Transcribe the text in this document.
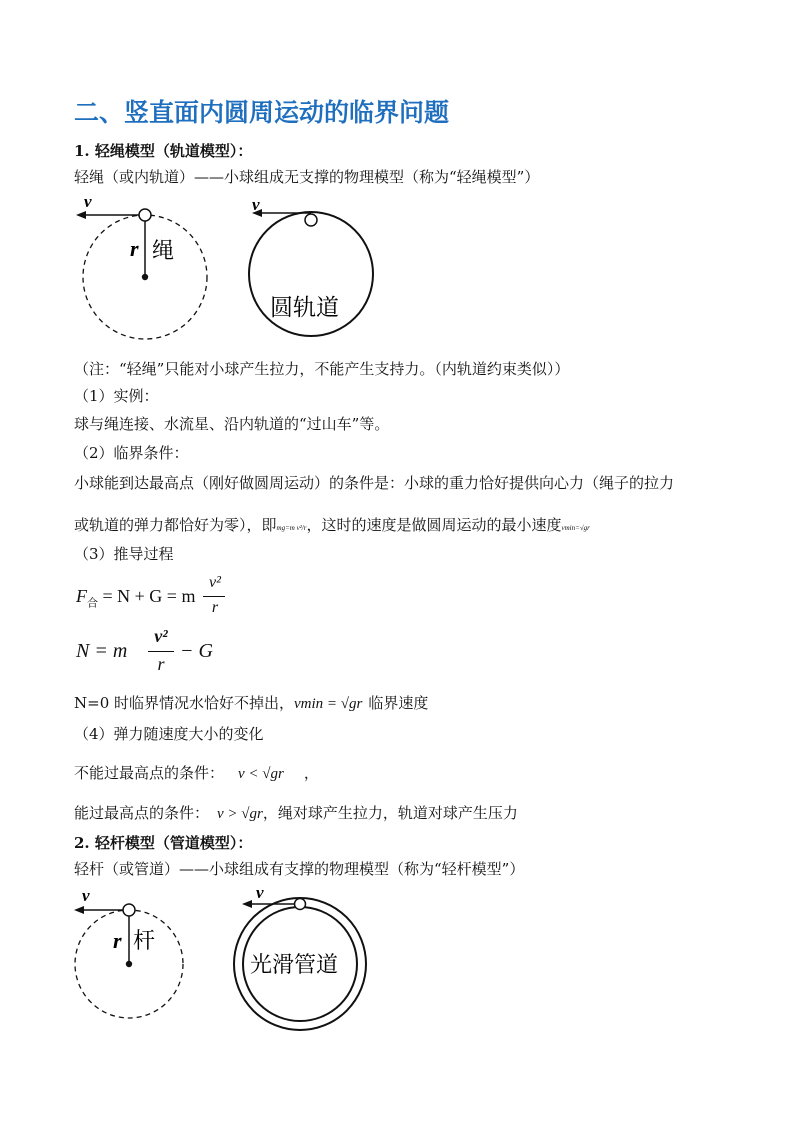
二、竖直面内圆周运动的临界问题
1. 轻绳模型（轨道模型）：
轻绳（或内轨道）——小球组成无支撑的物理模型（称为“轻绳模型”）
v
r 绳
v
圆轨道
（注：“轻绳”只能对小球产生拉力，不能产生支持力。（内轨道约束类似））
（1）实例：
球与绳连接、水流星、沿内轨道的“过山车”等。
（2）临界条件：
小球能到达最高点（刚好做圆周运动）的条件是：小球的重力恰好提供向心力（绳子的拉力
或轨道的弹力都恰好为零），即mg=m v²/r，这时的速度是做圆周运动的最小速度vmin=√gr
（3）推导过程
$F_合 = N + G = m$
v²
r
N = m
v²
r
− G
N=0 时临界情况水恰好不掉出，vmin = √gr 临界速度
（4）弹力随速度大小的变化
不能过最高点的条件： v < √gr ，
能过最高点的条件： v > √gr，绳对球产生拉力，轨道对球产生压力
2. 轻杆模型（管道模型）：
轻杆（或管道）——小球组成有支撑的物理模型（称为“轻杆模型”）
v
r 杆
v
光滑管道
